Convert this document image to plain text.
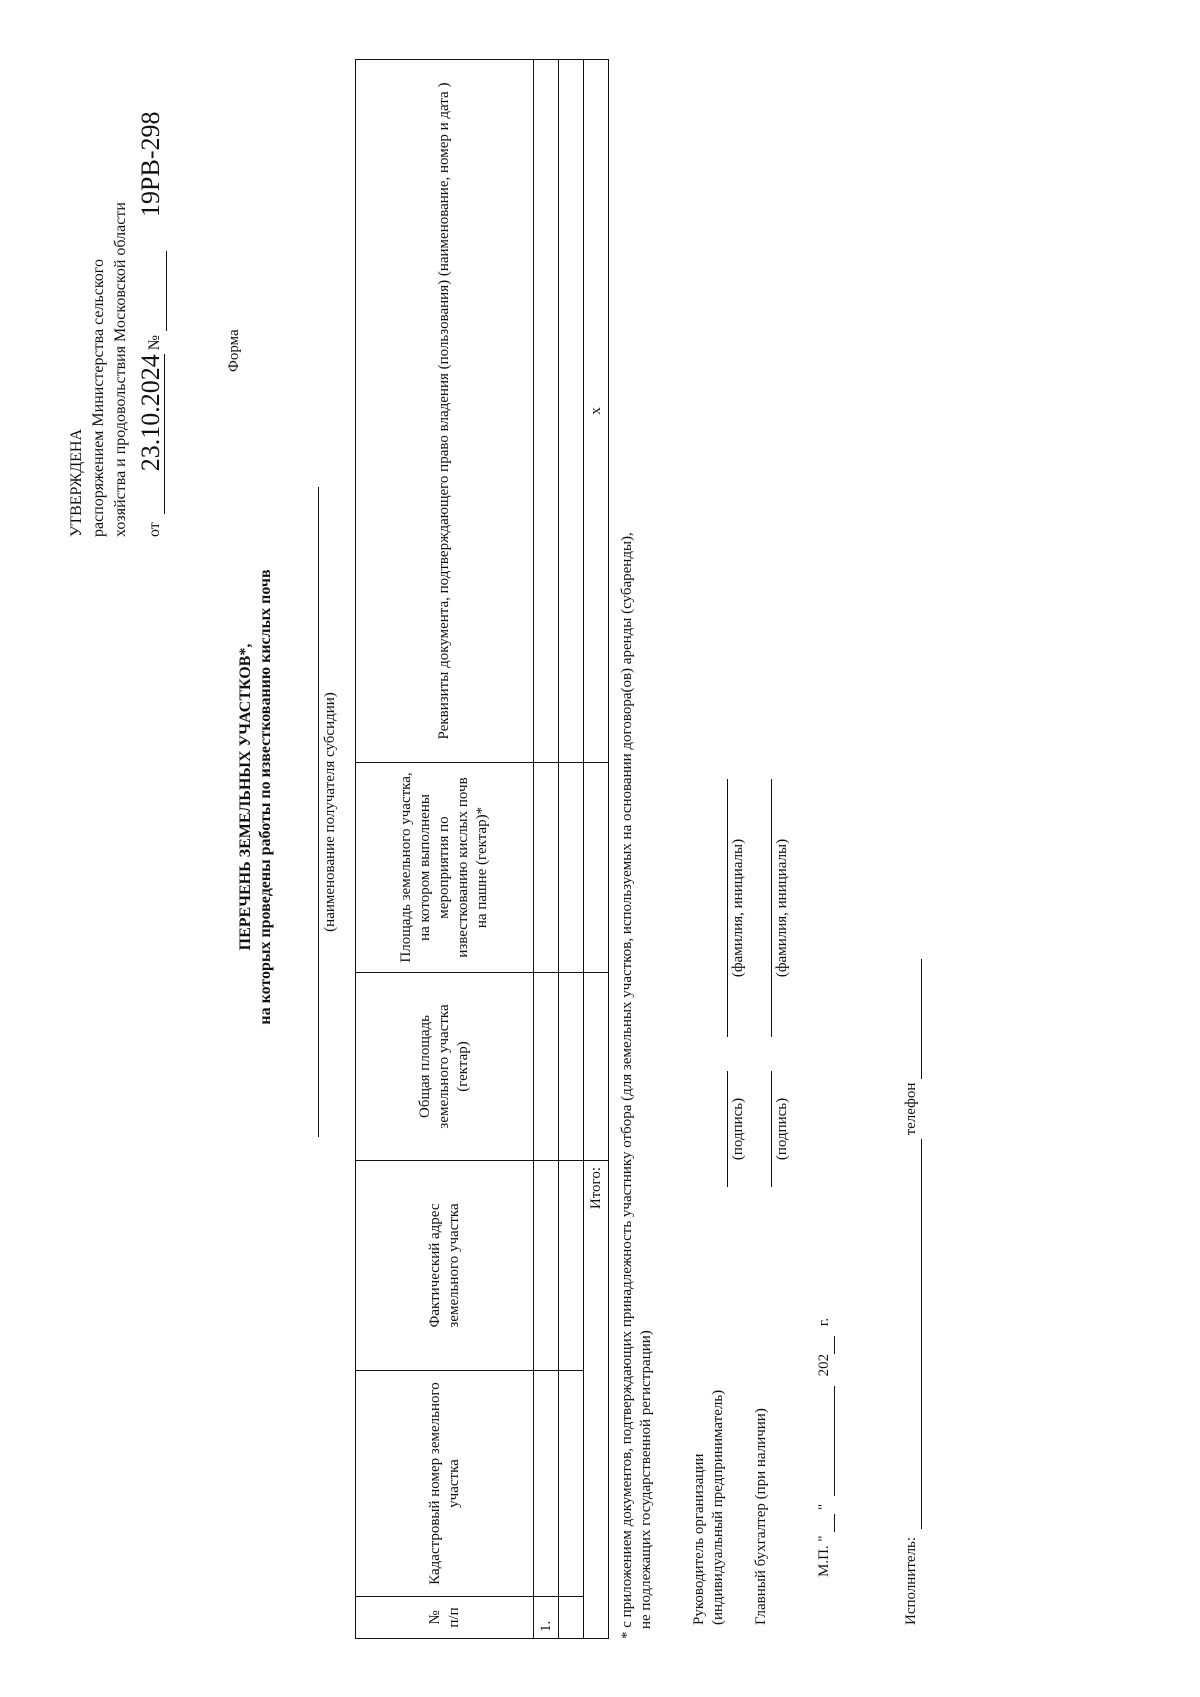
УТВЕРЖДЕНА распоряжением Министерства сельского хозяйства и продовольствия Московской области	от 23.10.2024 №   19РВ-298
Форма
ПЕРЕЧЕНЬ ЗЕМЕЛЬНЫХ УЧАСТКОВ*, на которых проведены работы по известкованию кислых почв	(наименование получателя субсидии)
№ п/п	Кадастровый номер земельного участка	Фактический адрес земельного участка	Общая площадь земельного участка (гектар)	Площадь земельного участка, на котором выполнены мероприятия по известкованию кислых почв на пашне (гектар)*	Реквизиты документа, подтверждающего право владения (пользования) (наименование, номер и дата )
1.					

Итого:					х
* с приложением документов, подтверждающих принадлежность участнику отбора (для земельных участков, используемых на основании договора(ов) аренды (субаренды), не подлежащих государственной регистрации) Руководитель организации (индивидуальный предприниматель)
(подпись)
(фамилия, инициалы)
Главный бухгалтер (при наличии)
(подпись)
(фамилия, инициалы)
М.П. "   "   202  г.
Исполнитель:   телефон
